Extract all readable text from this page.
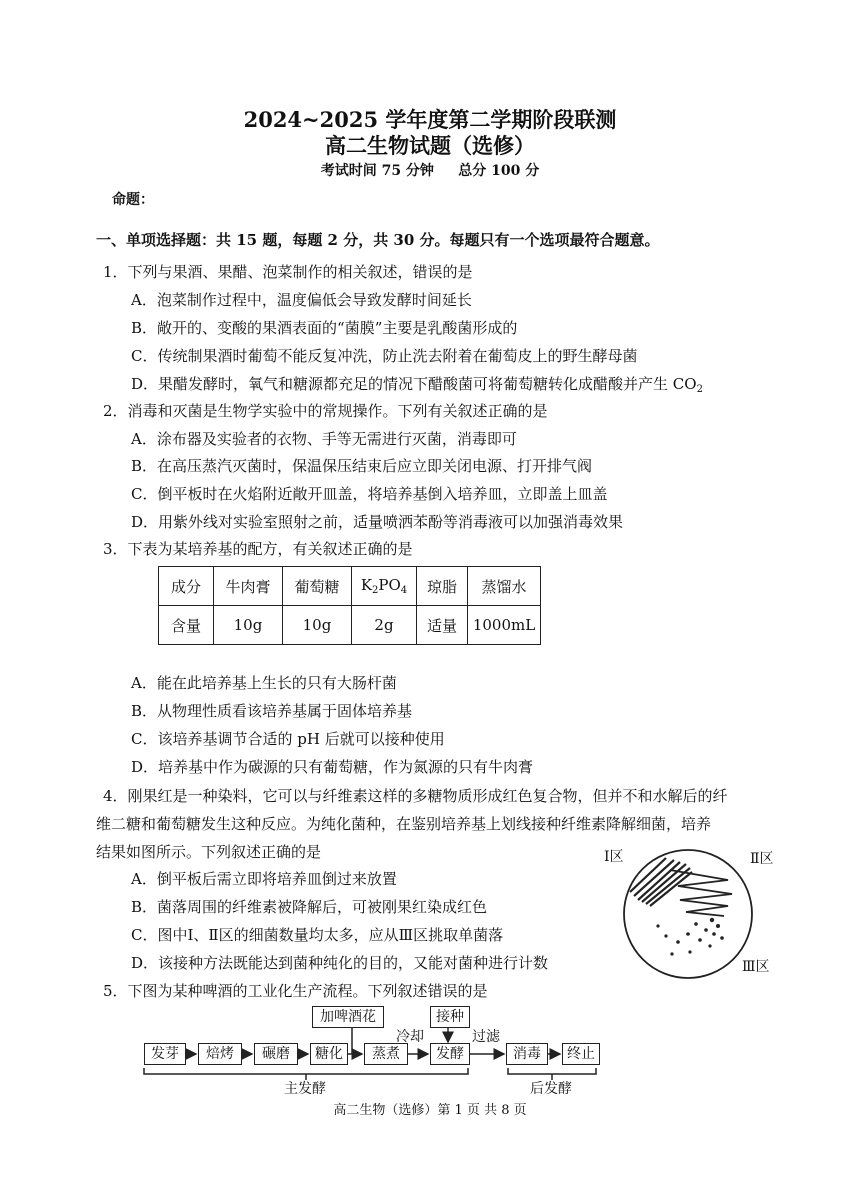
2024~2025 学年度第二学期阶段联测
高二生物试题（选修）
考试时间 75 分钟     总分 100 分
命题：
一、单项选择题：共 15 题，每题 2 分，共 30 分。每题只有一个选项最符合题意。
1．下列与果酒、果醋、泡菜制作的相关叙述，错误的是
A．泡菜制作过程中，温度偏低会导致发酵时间延长
B．敞开的、变酸的果酒表面的“菌膜”主要是乳酸菌形成的
C．传统制果酒时葡萄不能反复冲洗，防止洗去附着在葡萄皮上的野生酵母菌
D．果醋发酵时，氧气和糖源都充足的情况下醋酸菌可将葡萄糖转化成醋酸并产生 $CO_2$
2．消毒和灭菌是生物学实验中的常规操作。下列有关叙述正确的是
A．涂布器及实验者的衣物、手等无需进行灭菌，消毒即可
B．在高压蒸汽灭菌时，保温保压结束后应立即关闭电源、打开排气阀
C．倒平板时在火焰附近敞开皿盖，将培养基倒入培养皿，立即盖上皿盖
D．用紫外线对实验室照射之前，适量喷洒苯酚等消毒液可以加强消毒效果
3．下表为某培养基的配方，有关叙述正确的是
成分	牛肉膏	葡萄糖	$K_2PO_4$	琼脂	蒸馏水
含量	10g	10g	2g	适量	1000mL
A．能在此培养基上生长的只有大肠杆菌
B．从物理性质看该培养基属于固体培养基
C．该培养基调节合适的 pH 后就可以接种使用
D．培养基中作为碳源的只有葡萄糖，作为氮源的只有牛肉膏
4．刚果红是一种染料，它可以与纤维素这样的多糖物质形成红色复合物，但并不和水解后的纤
维二糖和葡萄糖发生这种反应。为纯化菌种，在鉴别培养基上划线接种纤维素降解细菌，培养
结果如图所示。下列叙述正确的是
A．倒平板后需立即将培养皿倒过来放置
B．菌落周围的纤维素被降解后，可被刚果红染成红色
C．图中Ⅰ、Ⅱ区的细菌数量均太多，应从Ⅲ区挑取单菌落
D．该接种方法既能达到菌种纯化的目的，又能对菌种进行计数
Ⅰ区	Ⅱ区
Ⅲ区
5．下图为某种啤酒的工业化生产流程。下列叙述错误的是
发芽	焙烤	碾磨	糖化	蒸煮	发酵	消毒	终止
加啤酒花	接种
冷却	过滤
主发酵	后发酵
高二生物（选修）第 1 页 共 8 页
